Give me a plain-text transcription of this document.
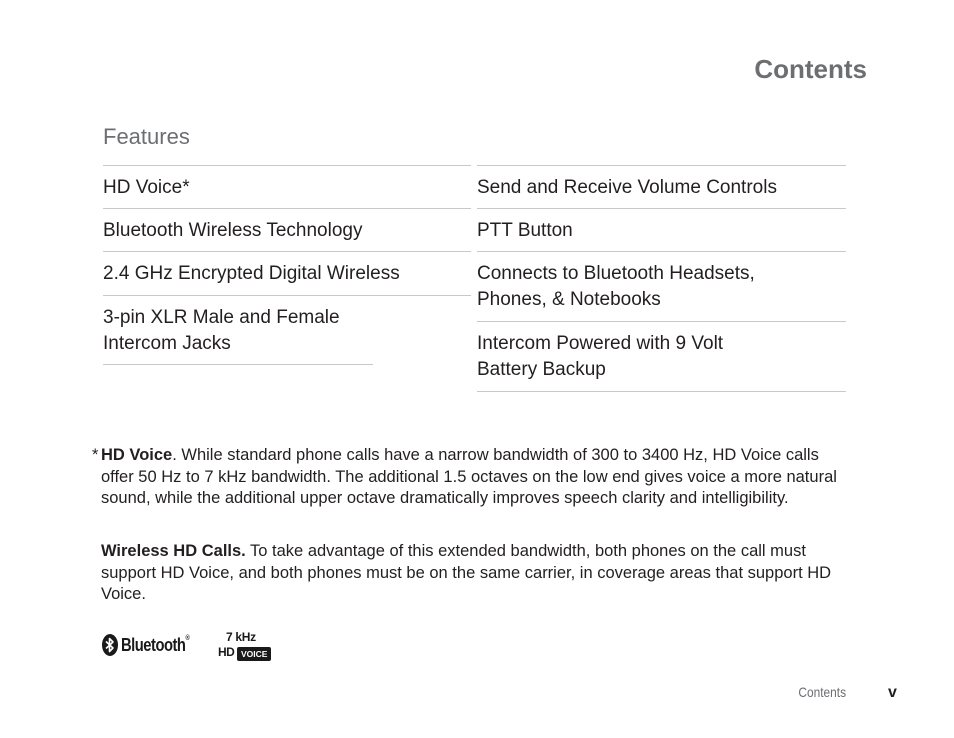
Contents
Features
HD Voice*
Bluetooth Wireless Technology
2.4 GHz Encrypted Digital Wireless
3-pin XLR Male and Female Intercom Jacks
Send and Receive Volume Controls
PTT Button
Connects to Bluetooth Headsets, Phones, & Notebooks
Intercom Powered with 9 Volt Battery Backup

* HD Voice. While standard phone calls have a narrow bandwidth of 300 to 3400 Hz, HD Voice calls offer 50 Hz to 7 kHz bandwidth. The additional 1.5 octaves on the low end gives voice a more natural sound, while the additional upper octave dramatically improves speech clarity and intelligibility.

Wireless HD Calls. To take advantage of this extended bandwidth, both phones on the call must support HD Voice, and both phones must be on the same carrier, in coverage areas that support HD Voice.

Bluetooth®	7 kHz
HD VOICE
Contents	v
